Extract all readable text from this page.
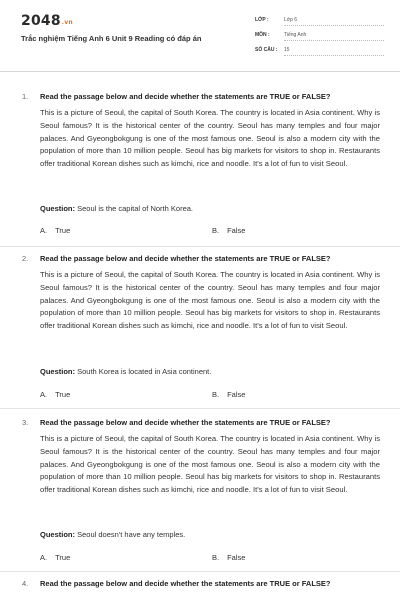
2048.vn
Trắc nghiệm Tiếng Anh 6 Unit 9 Reading có đáp án
LỚP :	Lớp 6
MÔN :	Tiếng Anh
SỐ CÂU : 15
1. Read the passage below and decide whether the statements are TRUE or FALSE?
This is a picture of Seoul, the capital of South Korea. The country is located in Asia continent. Why is Seoul famous? It is the historical center of the country. Seoul has many temples and four major palaces. And Gyeongbokgung is one of the most famous one. Seoul is also a modern city with the population of more than 10 million people. Seoul has big markets for visitors to shop in. Restaurants offer traditional Korean dishes such as kimchi, rice and noodle. It's a lot of fun to visit Seoul.
Question: Seoul is the capital of North Korea.
A. True	B. False
2. Read the passage below and decide whether the statements are TRUE or FALSE?
This is a picture of Seoul, the capital of South Korea. The country is located in Asia continent. Why is Seoul famous? It is the historical center of the country. Seoul has many temples and four major palaces. And Gyeongbokgung is one of the most famous one. Seoul is also a modern city with the population of more than 10 million people. Seoul has big markets for visitors to shop in. Restaurants offer traditional Korean dishes such as kimchi, rice and noodle. It's a lot of fun to visit Seoul.
Question: South Korea is located in Asia continent.
A. True	B. False
3. Read the passage below and decide whether the statements are TRUE or FALSE?
This is a picture of Seoul, the capital of South Korea. The country is located in Asia continent. Why is Seoul famous? It is the historical center of the country. Seoul has many temples and four major palaces. And Gyeongbokgung is one of the most famous one. Seoul is also a modern city with the population of more than 10 million people. Seoul has big markets for visitors to shop in. Restaurants offer traditional Korean dishes such as kimchi, rice and noodle. It's a lot of fun to visit Seoul.
Question: Seoul doesn't have any temples.
A. True	B. False
4. Read the passage below and decide whether the statements are TRUE or FALSE?
